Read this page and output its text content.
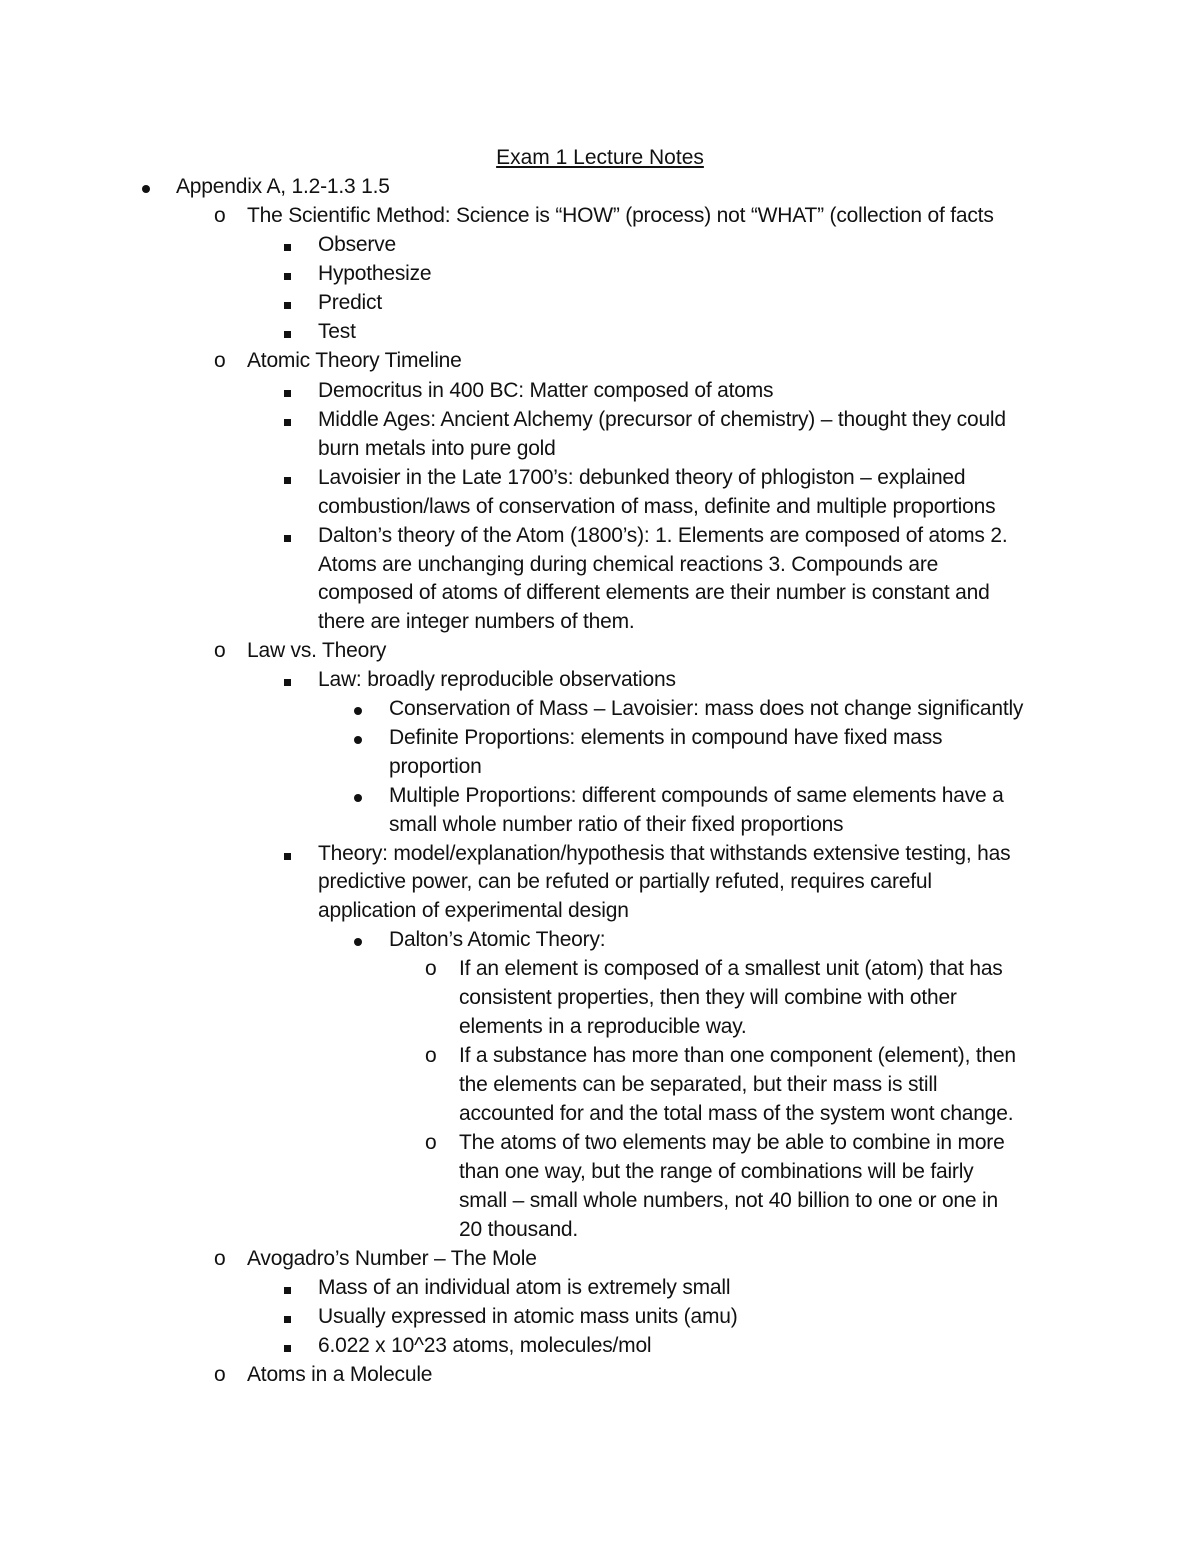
Exam 1 Lecture Notes
Appendix A, 1.2-1.3 1.5
o The Scientific Method: Science is “HOW” (process) not “WHAT” (collection of facts
Observe
Hypothesize
Predict
Test
o Atomic Theory Timeline
Democritus in 400 BC: Matter composed of atoms
Middle Ages: Ancient Alchemy (precursor of chemistry) – thought they could
burn metals into pure gold
Lavoisier in the Late 1700’s: debunked theory of phlogiston – explained
combustion/laws of conservation of mass, definite and multiple proportions
Dalton’s theory of the Atom (1800’s): 1. Elements are composed of atoms 2.
Atoms are unchanging during chemical reactions 3. Compounds are
composed of atoms of different elements are their number is constant and
there are integer numbers of them.
o Law vs. Theory
Law: broadly reproducible observations
Conservation of Mass – Lavoisier: mass does not change significantly
Definite Proportions: elements in compound have fixed mass
proportion
Multiple Proportions: different compounds of same elements have a
small whole number ratio of their fixed proportions
Theory: model/explanation/hypothesis that withstands extensive testing, has
predictive power, can be refuted or partially refuted, requires careful
application of experimental design
Dalton’s Atomic Theory:
o If an element is composed of a smallest unit (atom) that has
consistent properties, then they will combine with other
elements in a reproducible way.
o If a substance has more than one component (element), then
the elements can be separated, but their mass is still
accounted for and the total mass of the system wont change.
o The atoms of two elements may be able to combine in more
than one way, but the range of combinations will be fairly
small – small whole numbers, not 40 billion to one or one in
20 thousand.
o Avogadro’s Number – The Mole
Mass of an individual atom is extremely small
Usually expressed in atomic mass units (amu)
6.022 x 10^23 atoms, molecules/mol
o Atoms in a Molecule
